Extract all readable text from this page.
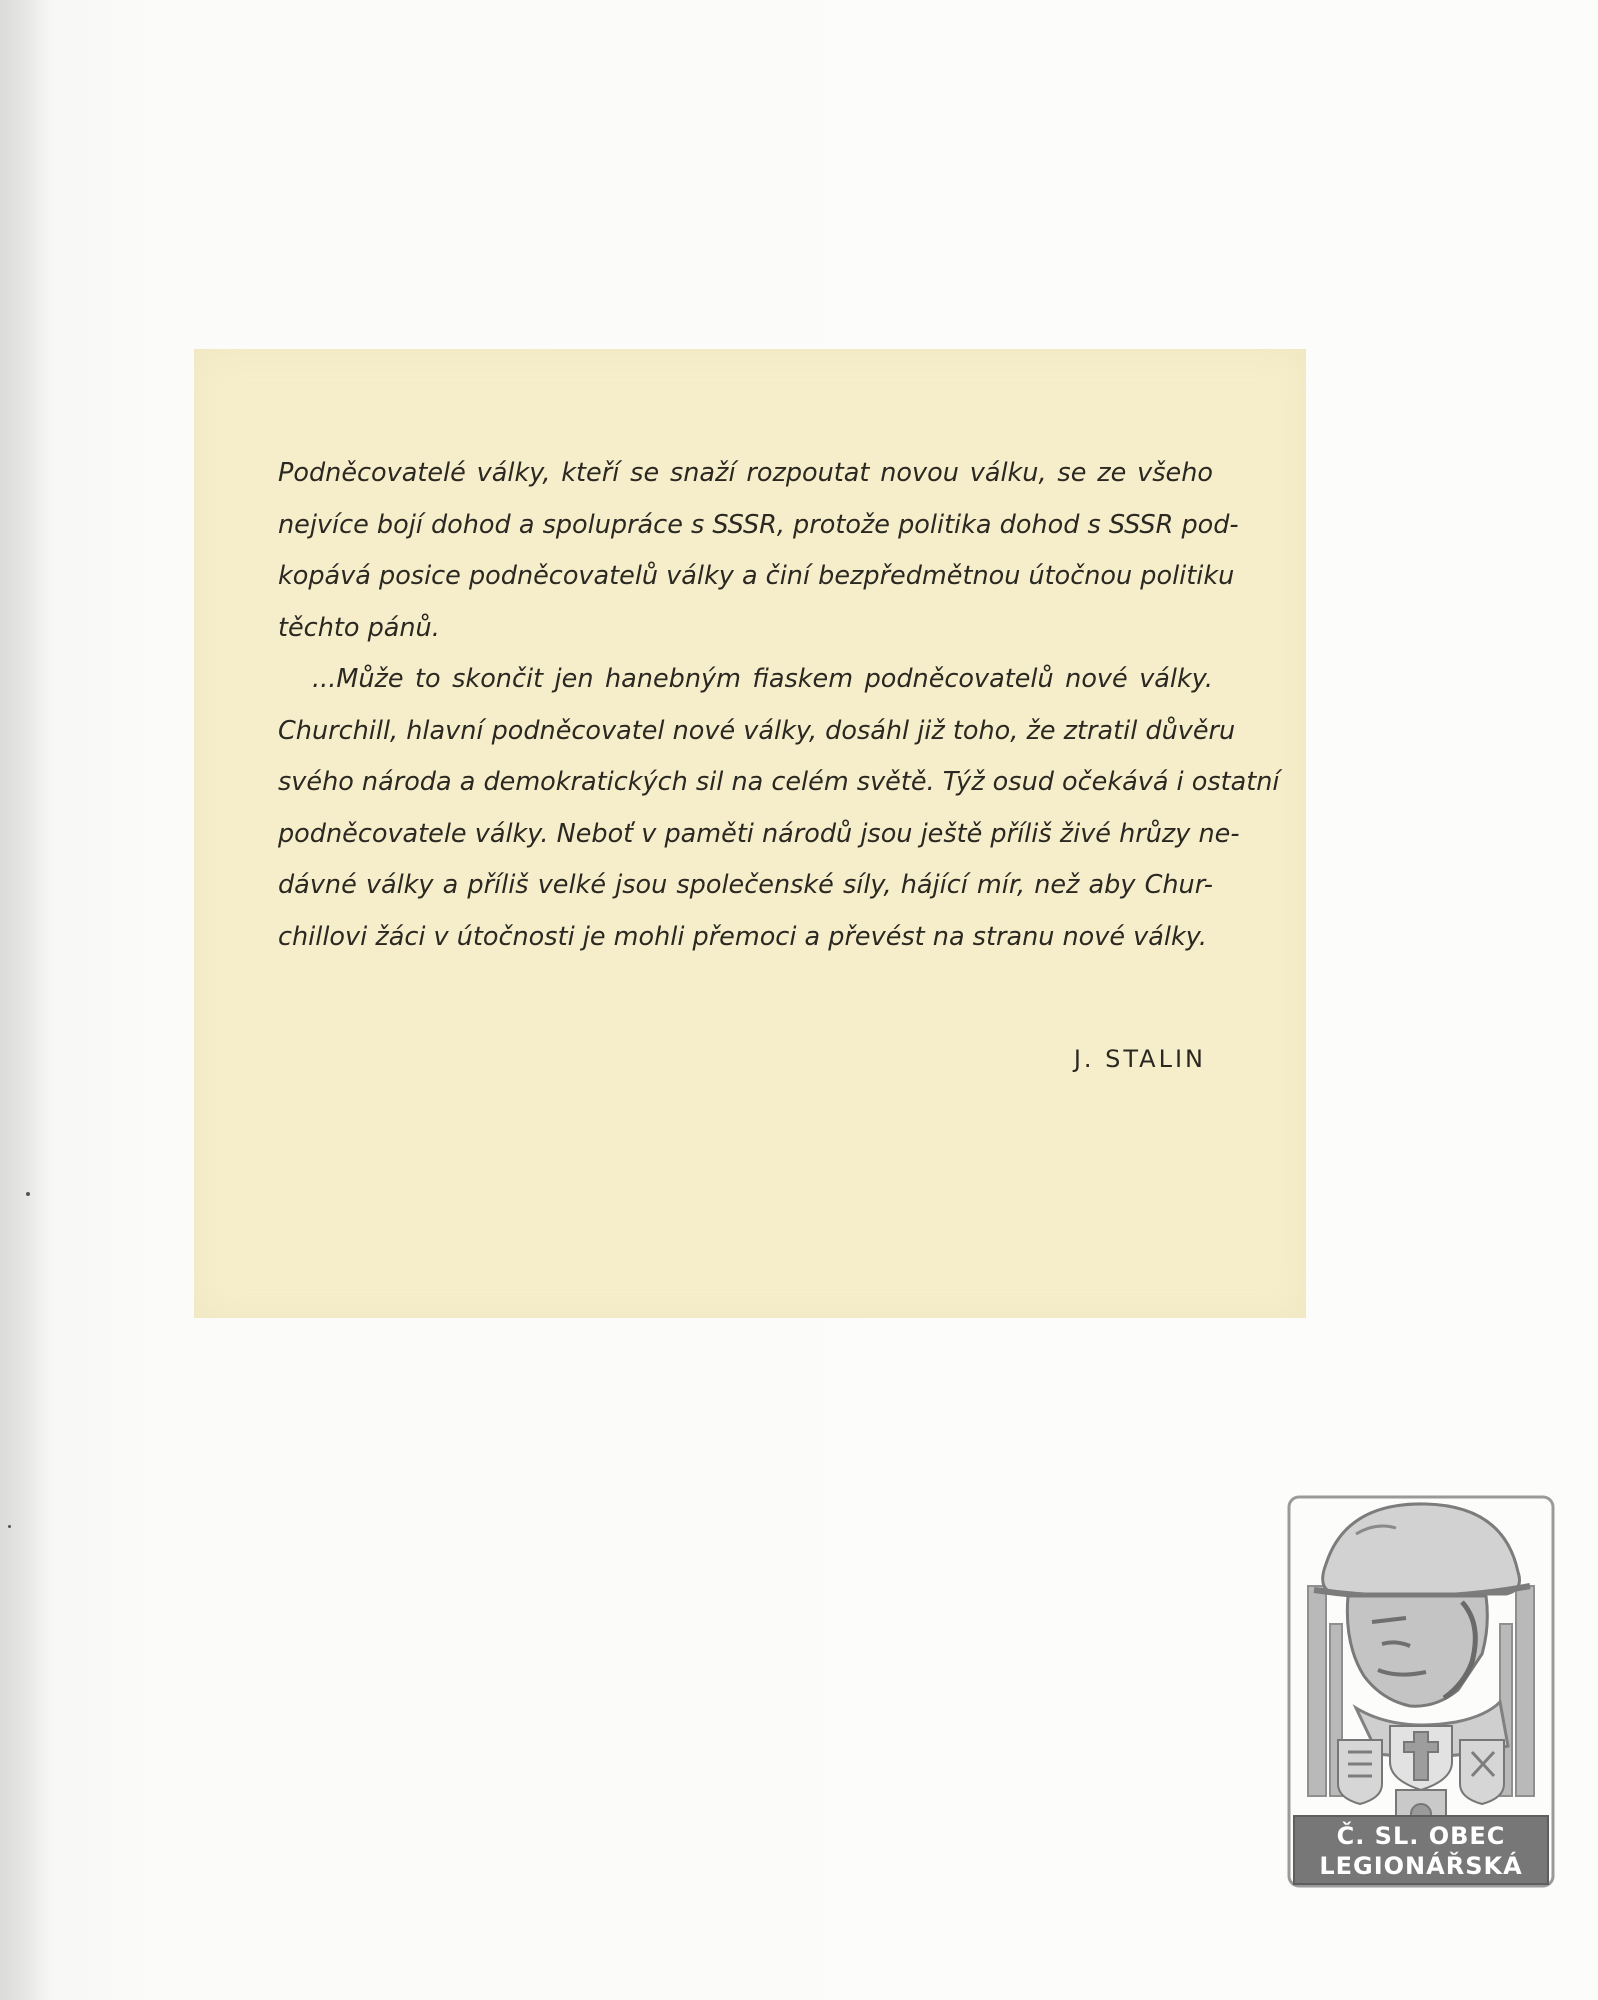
Podněcovatelé války, kteří se snaží rozpoutat novou válku, se ze všeho
nejvíce bojí dohod a spolupráce s SSSR, protože politika dohod s SSSR pod-
kopává posice podněcovatelů války a činí bezpředmětnou útočnou politiku
těchto pánů.

...Může to skončit jen hanebným fiaskem podněcovatelů nové války.
Churchill, hlavní podněcovatel nové války, dosáhl již toho, že ztratil důvěru
svého národa a demokratických sil na celém světě. Týž osud očekává i ostatní
podněcovatele války. Neboť v paměti národů jsou ještě příliš živé hrůzy ne-
dávné války a příliš velké jsou společenské síly, hájící mír, než aby Chur-
chillovi žáci v útočnosti je mohli přemoci a převést na stranu nové války.

J. STALIN
Č. SL. OBEC
LEGIONÁŘSKÁ
